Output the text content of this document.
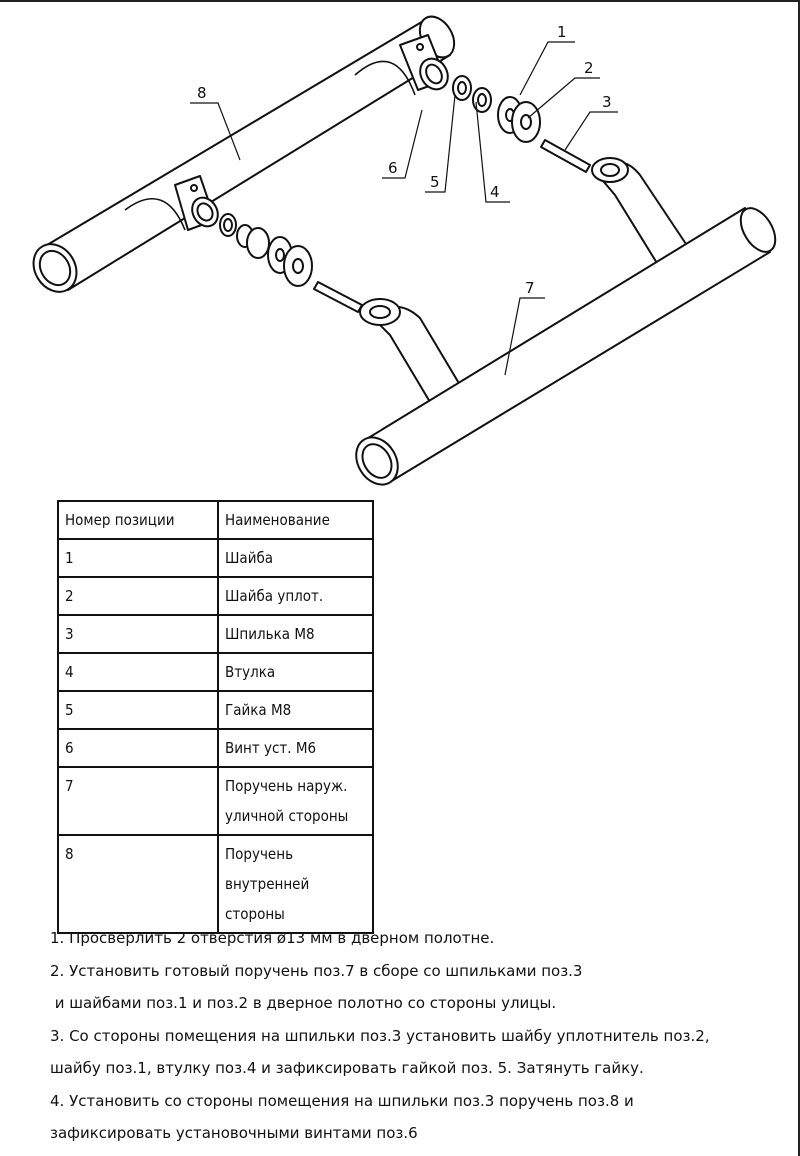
1
2
3
4
5
6
7
8
Номер позиции	Наименование
1	Шайба

2	Шайба уплот.

3	Шпилька М8

4	Втулка

5	Гайка М8

6	Винт уст. М6

7	Поручень наруж.
уличной стороны

8	Поручень
внутренней
стороны

1. Просверлить 2 отверстия ø13 мм в дверном полотне.

2. Установить готовый поручень поз.7 в сборе со шпильками поз.3

и шайбами поз.1 и поз.2 в дверное полотно со стороны улицы.

3. Со стороны помещения на шпильки поз.3 установить шайбу уплотнитель поз.2,

шайбу поз.1, втулку поз.4 и зафиксировать гайкой поз. 5. Затянуть гайку.

4. Установить со стороны помещения на шпильки поз.3 поручень поз.8 и

зафиксировать установочными винтами поз.6
